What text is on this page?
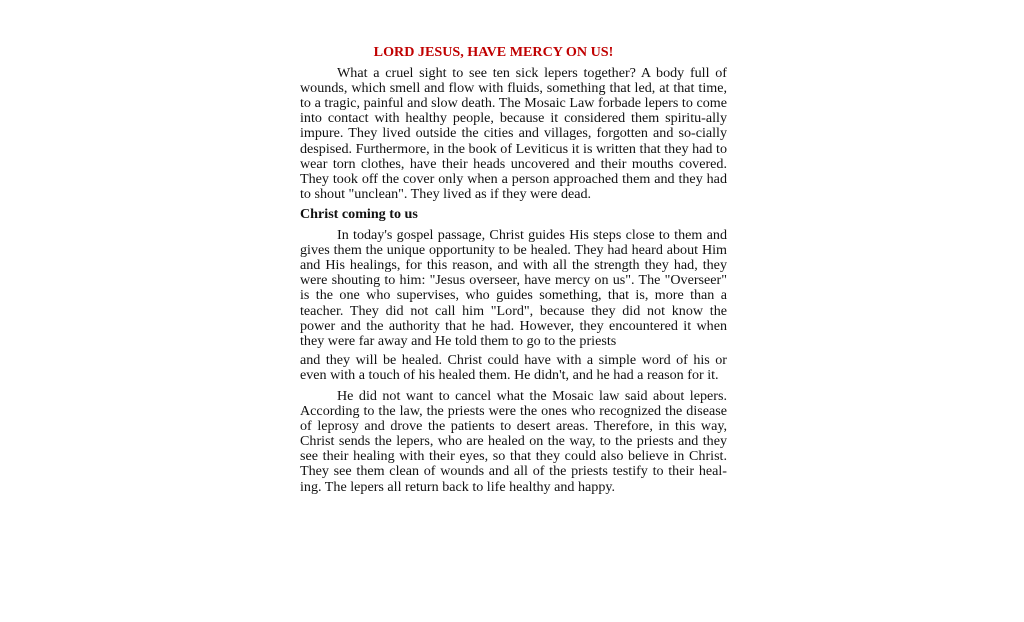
LORD JESUS, HAVE MERCY ON US!

What a cruel sight to see ten sick lepers together? A body full of wounds, which smell and flow with fluids, something that led, at that time, to a tragic, painful and slow death. The Mosaic Law forbade lepers to come into contact with healthy people, because it considered them spiritu-ally impure. They lived outside the cities and villages, forgotten and so-cially despised. Furthermore, in the book of Leviticus it is written that they had to wear torn clothes, have their heads uncovered and their mouths covered. They took off the cover only when a person approached them and they had to shout "unclean". They lived as if they were dead.

Christ coming to us

In today's gospel passage, Christ guides His steps close to them and gives them the unique opportunity to be healed. They had heard about Him and His healings, for this reason, and with all the strength they had, they were shouting to him: "Jesus overseer, have mercy on us". The "Overseer" is the one who supervises, who guides something, that is, more than a teacher. They did not call him "Lord", because they did not know the power and the authority that he had. However, they encountered it when they were far away and He told them to go to the priests

and they will be healed. Christ could have with a simple word of his or even with a touch of his healed them. He didn't, and he had a reason for it.

He did not want to cancel what the Mosaic law said about lepers. According to the law, the priests were the ones who recognized the disease of leprosy and drove the patients to desert areas. Therefore, in this way, Christ sends the lepers, who are healed on the way, to the priests and they see their healing with their eyes, so that they could also believe in Christ. They see them clean of wounds and all of the priests testify to their heal-ing. The lepers all return back to life healthy and happy.
